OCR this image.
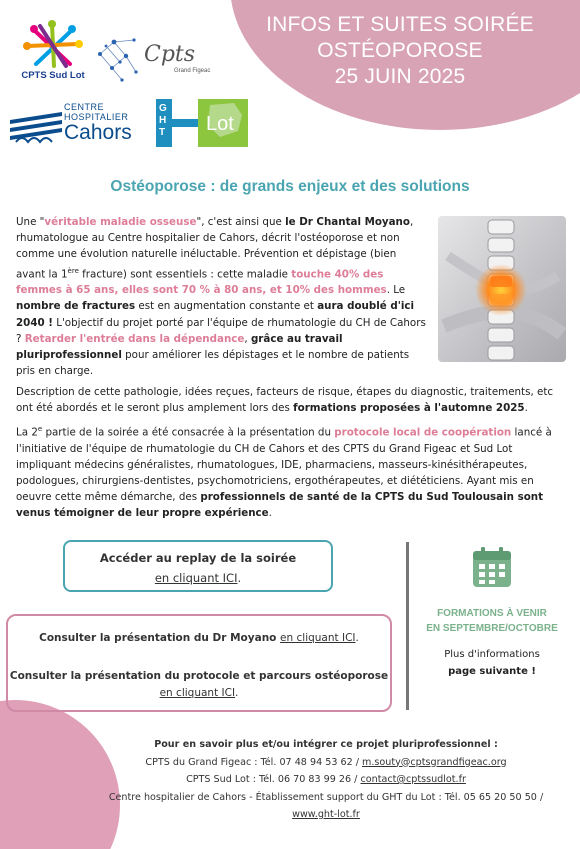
INFOS ET SUITES SOIRÉE
OSTÉOPOROSE
25 JUIN 2025
CPTS Sud Lot
Cpts
Grand Figeac
CENTRE
HOSPITALIER
Cahors
GHT Lot
Ostéoporose : de grands enjeux et des solutions

Une "véritable maladie osseuse", c'est ainsi que le Dr Chantal Moyano, rhumatologue au Centre hospitalier de Cahors, décrit l'ostéoporose et non comme une évolution naturelle inéluctable. Prévention et dépistage (bien avant la 1ère fracture) sont essentiels : cette maladie touche 40% des femmes à 65 ans, elles sont 70 % à 80 ans, et 10% des hommes. Le nombre de fractures est en augmentation constante et aura doublé d'ici 2040 ! L'objectif du projet porté par l'équipe de rhumatologie du CH de Cahors ? Retarder l'entrée dans la dépendance, grâce au travail pluriprofessionnel pour améliorer les dépistages et le nombre de patients pris en charge.

Description de cette pathologie, idées reçues, facteurs de risque, étapes du diagnostic, traitements, etc ont été abordés et le seront plus amplement lors des formations proposées à l'automne 2025.

La 2e partie de la soirée a été consacrée à la présentation du protocole local de coopération lancé à l'initiative de l'équipe de rhumatologie du CH de Cahors et des CPTS du Grand Figeac et Sud Lot impliquant médecins généralistes, rhumatologues, IDE, pharmaciens, masseurs-kinésithérapeutes, podologues, chirurgiens-dentistes, psychomotriciens, ergothérapeutes, et diététiciens. Ayant mis en oeuvre cette même démarche, des professionnels de santé de la CPTS du Sud Toulousain sont venus témoigner de leur propre expérience.

Accéder au replay de la soirée
en cliquant ICI.
Consulter la présentation du Dr Moyano en cliquant ICI.
Consulter la présentation du protocole et parcours ostéoporose en cliquant ICI.
FORMATIONS À VENIR
EN SEPTEMBRE/OCTOBRE
Plus d'informations
page suivante !
Pour en savoir plus et/ou intégrer ce projet pluriprofessionnel :
CPTS du Grand Figeac : Tél. 07 48 94 53 62 / m.souty@cptsgrandfigeac.org
CPTS Sud Lot : Tél. 06 70 83 99 26 / contact@cptssudlot.fr
Centre hospitalier de Cahors - Établissement support du GHT du Lot : Tél. 05 65 20 50 50 /
www.ght-lot.fr
